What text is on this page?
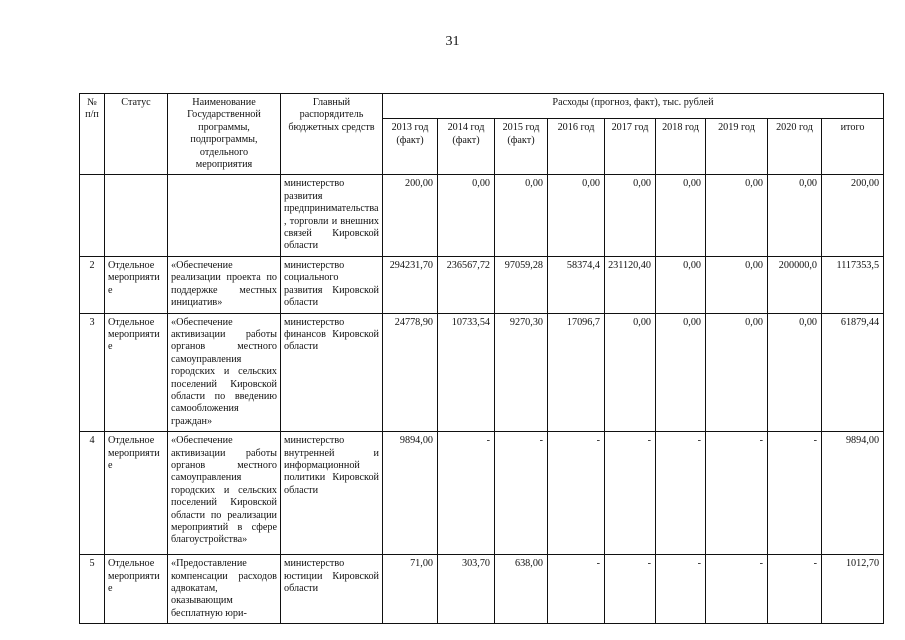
31
№ п/п	Статус	Наименование Государственной программы, подпрограммы, отдельного мероприятия	Главный распорядитель бюджетных средств	Расходы (прогноз, факт), тыс. рублей								
				2013 год (факт)	2014 год (факт)	2015 год (факт)	2016 год	2017 год	2018 год	2019 год	2020 год	итого
			министерство развития предпринимательства, торговли и внешних связей Кировской области	200,00	0,00	0,00	0,00	0,00	0,00	0,00	0,00	200,00
2	Отдельное мероприятие	«Обеспечение реализации проекта по поддержке местных инициатив»	министерство социального развития Кировской области	294231,70	236567,72	97059,28	58374,4	231120,40	0,00	0,00	200000,0	1117353,5
3	Отдельное мероприятие	«Обеспечение активизации работы органов местного самоуправления городских и сельских поселений Кировской области по введению самообложения граждан»	министерство финансов Кировской области	24778,90	10733,54	9270,30	17096,7	0,00	0,00	0,00	0,00	61879,44
4	Отдельное мероприятие	«Обеспечение активизации работы органов местного самоуправления городских и сельских поселений Кировской области по реализации мероприятий в сфере благоустройства»	министерство внутренней и информационной политики Кировской области	9894,00	-	-	-	-	-	-	-	9894,00
5	Отдельное мероприятие	«Предоставление компенсации расходов адвокатам, оказывающим бесплатную юри-	министерство юстиции Кировской области	71,00	303,70	638,00	-	-	-	-	-	1012,70
